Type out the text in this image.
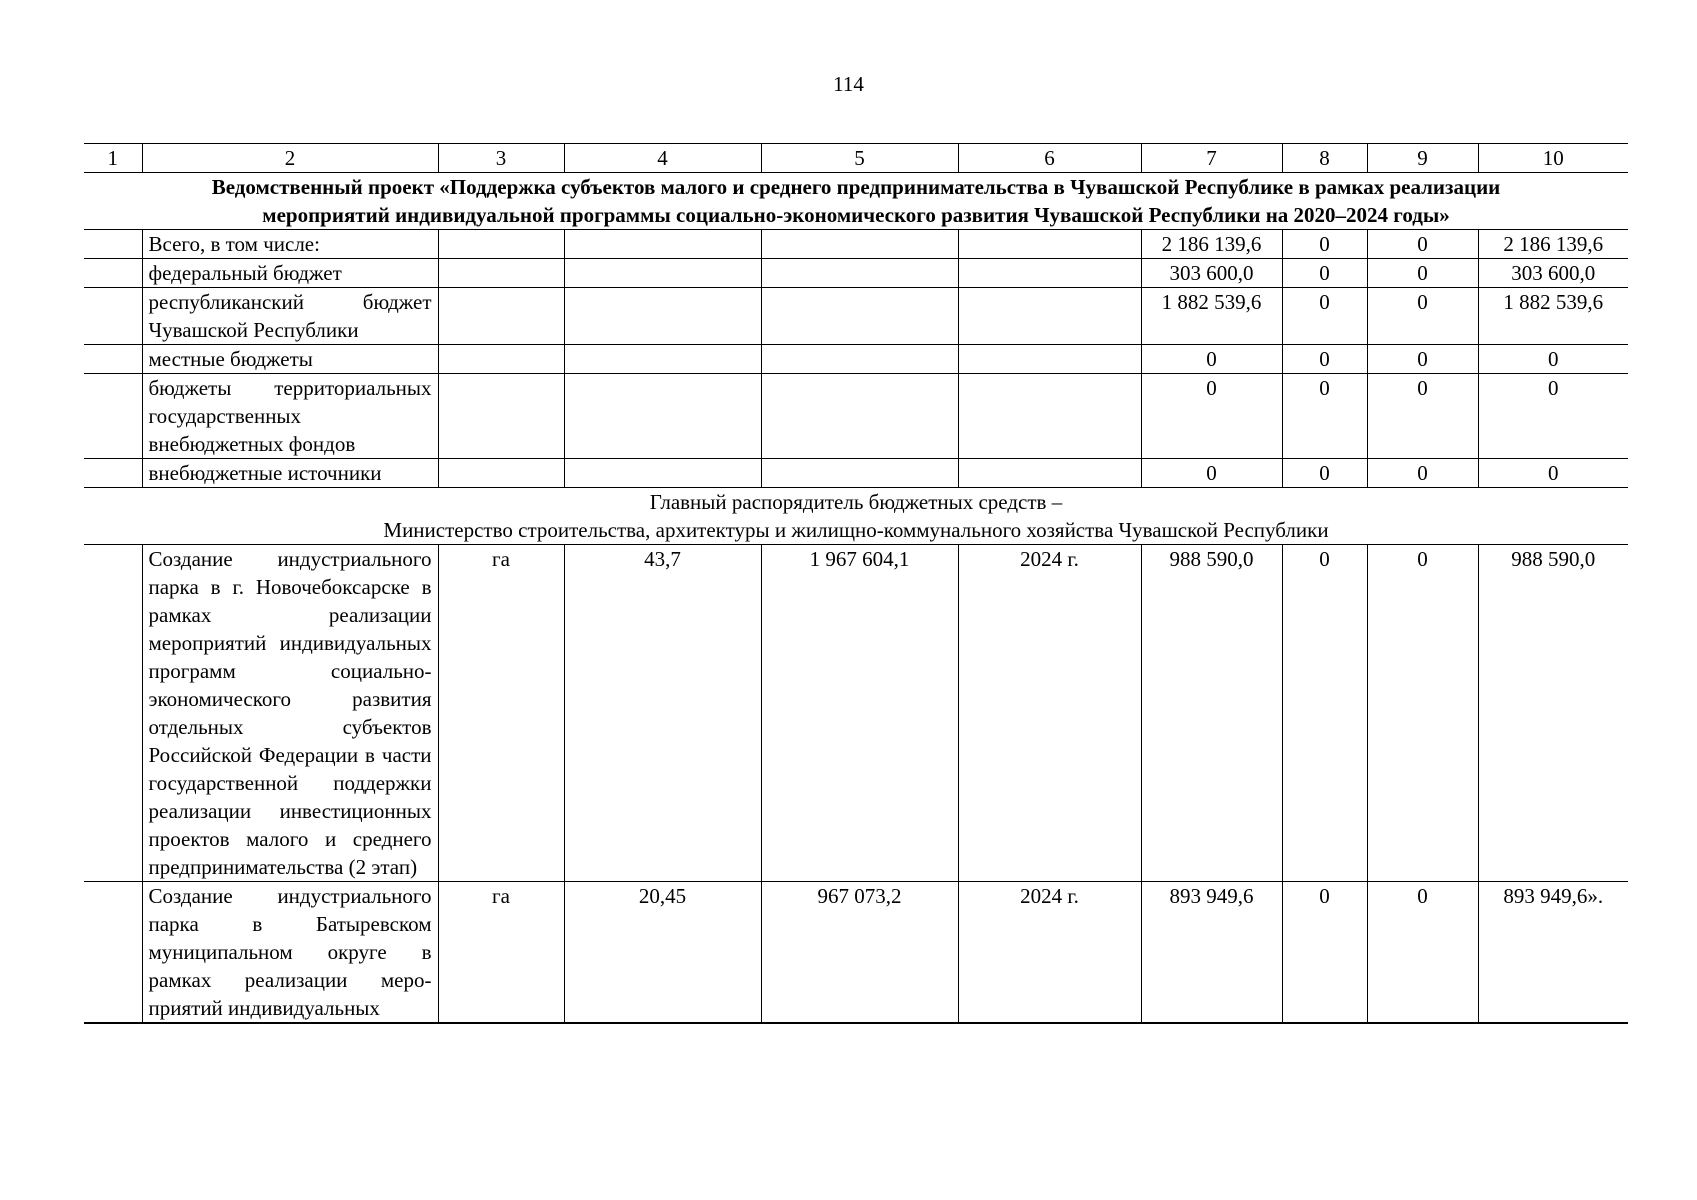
114
1	2	3	4	5	6	7	8	9	10

Ведомственный проект «Поддержка субъектов малого и среднего предпринимательства в Чувашской Республике в рамках реализации
мероприятий индивидуальной программы социально-экономического развития Чувашской Республики на 2020–2024 годы»									

	Всего, в том числе:					2 186 139,6	0	0	2 186 139,6
	федеральный бюджет					303 600,0	0	0	303 600,0
	республиканский бюджет Чувашской Республики					1 882 539,6	0	0	1 882 539,6
	местные бюджеты					0	0	0	0
	бюджеты территориальных государственных внебюджетных фондов					0	0	0	0
	внебюджетные источники					0	0	0	0

Главный распорядитель бюджетных средств –
Министерство строительства, архитектуры и жилищно-коммунального хозяйства Чувашской Республики									

	Создание индустриального парка в г. Новочебоксарске в рамках реализации мероприятий индивидуальных программ социально-экономического развития отдельных субъектов Российской Федерации в части государственной поддержки реализации инвестиционных проектов малого и среднего предпринимательства (2 этап)	га	43,7	1 967 604,1	2024 г.	988 590,0	0	0	988 590,0
	Создание индустриального парка в Батыревском муниципальном округе в рамках реализации мероприятий индивидуальных	га	20,45	967 073,2	2024 г.	893 949,6	0	0	893 949,6».
